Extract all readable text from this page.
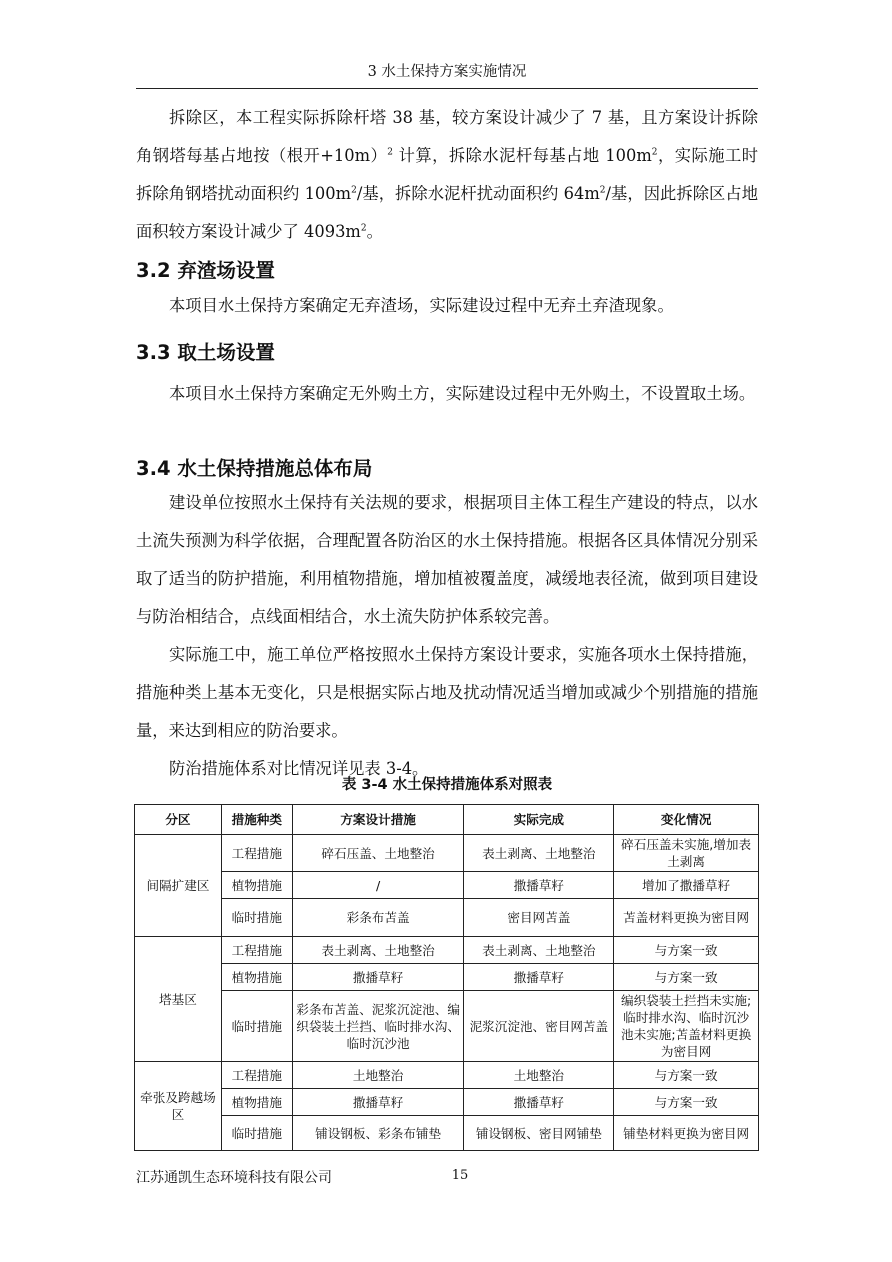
3 水土保持方案实施情况

拆除区，本工程实际拆除杆塔 38 基，较方案设计减少了 7 基，且方案设计拆除角钢塔每基占地按（根开+10m）$^2$ 计算，拆除水泥杆每基占地 $100m^2$，实际施工时拆除角钢塔扰动面积约 $100m^2/$基，拆除水泥杆扰动面积约 $64m^2/$基，因此拆除区占地面积较方案设计减少了 $4093m^2$。

3.2 弃渣场设置

本项目水土保持方案确定无弃渣场，实际建设过程中无弃土弃渣现象。

3.3 取土场设置

本项目水土保持方案确定无外购土方，实际建设过程中无外购土，不设置取土场。

3.4 水土保持措施总体布局

建设单位按照水土保持有关法规的要求，根据项目主体工程生产建设的特点，以水土流失预测为科学依据，合理配置各防治区的水土保持措施。根据各区具体情况分别采取了适当的防护措施，利用植物措施，增加植被覆盖度，减缓地表径流，做到项目建设与防治相结合，点线面相结合，水土流失防护体系较完善。

实际施工中，施工单位严格按照水土保持方案设计要求，实施各项水土保持措施，措施种类上基本无变化，只是根据实际占地及扰动情况适当增加或减少个别措施的措施量，来达到相应的防治要求。

防治措施体系对比情况详见表 3-4。

表 3-4 水土保持措施体系对照表
分区	措施种类	方案设计措施	实际完成	变化情况
间隔扩建区	工程措施	碎石压盖、土地整治	表土剥离、土地整治	碎石压盖未实施,增加表土剥离
	植物措施	/	撒播草籽	增加了撒播草籽
	临时措施	彩条布苫盖	密目网苫盖	苫盖材料更换为密目网
塔基区	工程措施	表土剥离、土地整治	表土剥离、土地整治	与方案一致
	植物措施	撒播草籽	撒播草籽	与方案一致
	临时措施	彩条布苫盖、泥浆沉淀池、编织袋装土拦挡、临时排水沟、临时沉沙池	泥浆沉淀池、密目网苫盖	编织袋装土拦挡未实施;临时排水沟、临时沉沙池未实施;苫盖材料更换为密目网
牵张及跨越场区	工程措施	土地整治	土地整治	与方案一致
	植物措施	撒播草籽	撒播草籽	与方案一致
	临时措施	铺设钢板、彩条布铺垫	铺设钢板、密目网铺垫	铺垫材料更换为密目网
江苏通凯生态环境科技有限公司	15
